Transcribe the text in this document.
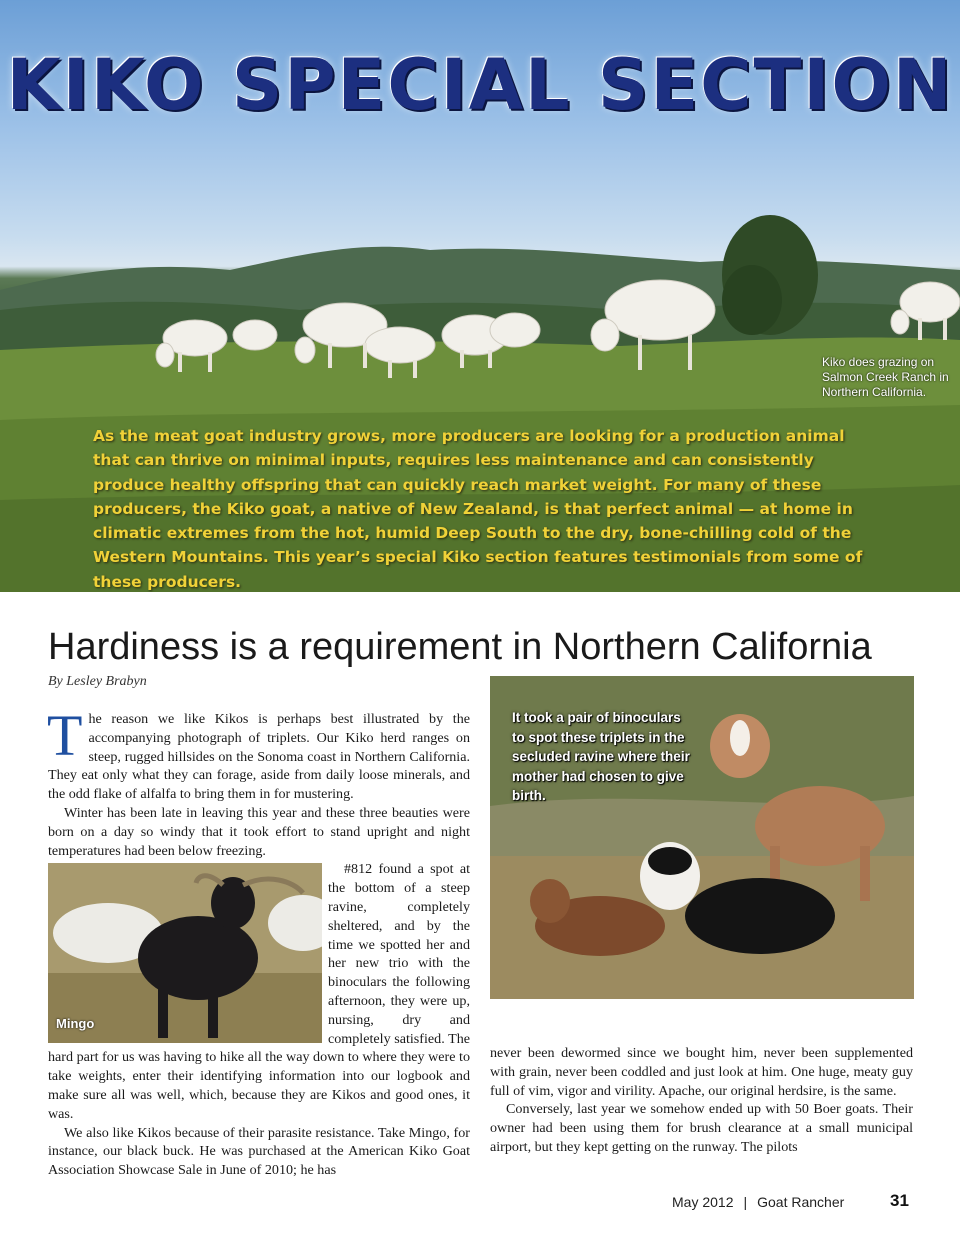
KIKO SPECIAL SECTION
Kiko does grazing on Salmon Creek Ranch in Northern California.
As the meat goat industry grows, more producers are looking for a production animal that can thrive on minimal inputs, requires less maintenance and can consistently produce healthy offspring that can quickly reach market weight. For many of these producers, the Kiko goat, a native of New Zealand, is that perfect animal — at home in climatic extremes from the hot, humid Deep South to the dry, bone-chilling cold of the Western Mountains. This year’s special Kiko section features testimonials from some of these producers.
Hardiness is a requirement in Northern California
By Lesley Brabyn

T he reason we like Kikos is perhaps best illustrated by the accompanying photograph of triplets. Our Kiko herd ranges on steep, rugged hillsides on the Sonoma coast in Northern California. They eat only what they can forage, aside from daily loose minerals, and the odd flake of alfalfa to bring them in for mustering.

Winter has been late in leaving this year and these three beauties were born on a day so windy that it took effort to stand upright and night temperatures had been below freezing.

Mingo

#812 found a spot at the bottom of a steep ravine, completely sheltered, and by the time we spotted her and her new trio with the binoculars the following afternoon, they were up, nursing, dry and completely satisfied. The hard part for us was having to hike all the way down to where they were to take weights, enter their identifying information into our logbook and make sure all was well, which, because they are Kikos and good ones, it was.

We also like Kikos because of their parasite resistance. Take Mingo, for instance, our black buck. He was purchased at the American Kiko Goat Association Showcase Sale in June of 2010; he has

It took a pair of binoculars to spot these triplets in the secluded ravine where their mother had chosen to give birth.

never been dewormed since we bought him, never been supplemented with grain, never been coddled and just look at him. One huge, meaty guy full of vim, vigor and virility. Apache, our original herdsire, is the same.

Conversely, last year we somehow ended up with 50 Boer goats. Their owner had been using them for brush clearance at a small municipal airport, but they kept getting on the runway. The pilots

May 2012 | Goat Rancher	31
